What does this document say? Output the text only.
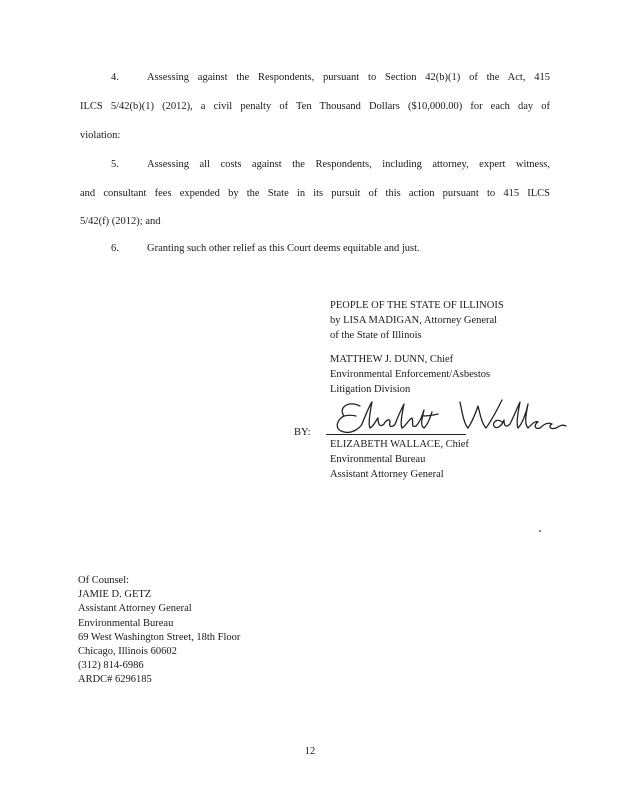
4.	Assessing against the Respondents, pursuant to Section 42(b)(1) of the Act, 415
ILCS 5/42(b)(1) (2012), a civil penalty of Ten Thousand Dollars ($10,000.00) for each day of
violation:
5.	Assessing all costs against the Respondents, including attorney, expert witness,
and consultant fees expended by the State in its pursuit of this action pursuant to 415 ILCS
5/42(f) (2012); and
6.	Granting such other relief as this Court deems equitable and just.
PEOPLE OF THE STATE OF ILLINOIS
by LISA MADIGAN, Attorney General
of the State of Illinois
MATTHEW J. DUNN, Chief
Environmental Enforcement/Asbestos
Litigation Division
BY:
ELIZABETH WALLACE, Chief
Environmental Bureau
Assistant Attorney General
Of Counsel:
JAMIE D. GETZ
Assistant Attorney General
Environmental Bureau
69 West Washington Street, 18th Floor
Chicago, Illinois 60602
(312) 814-6986
ARDC# 6296185
12
